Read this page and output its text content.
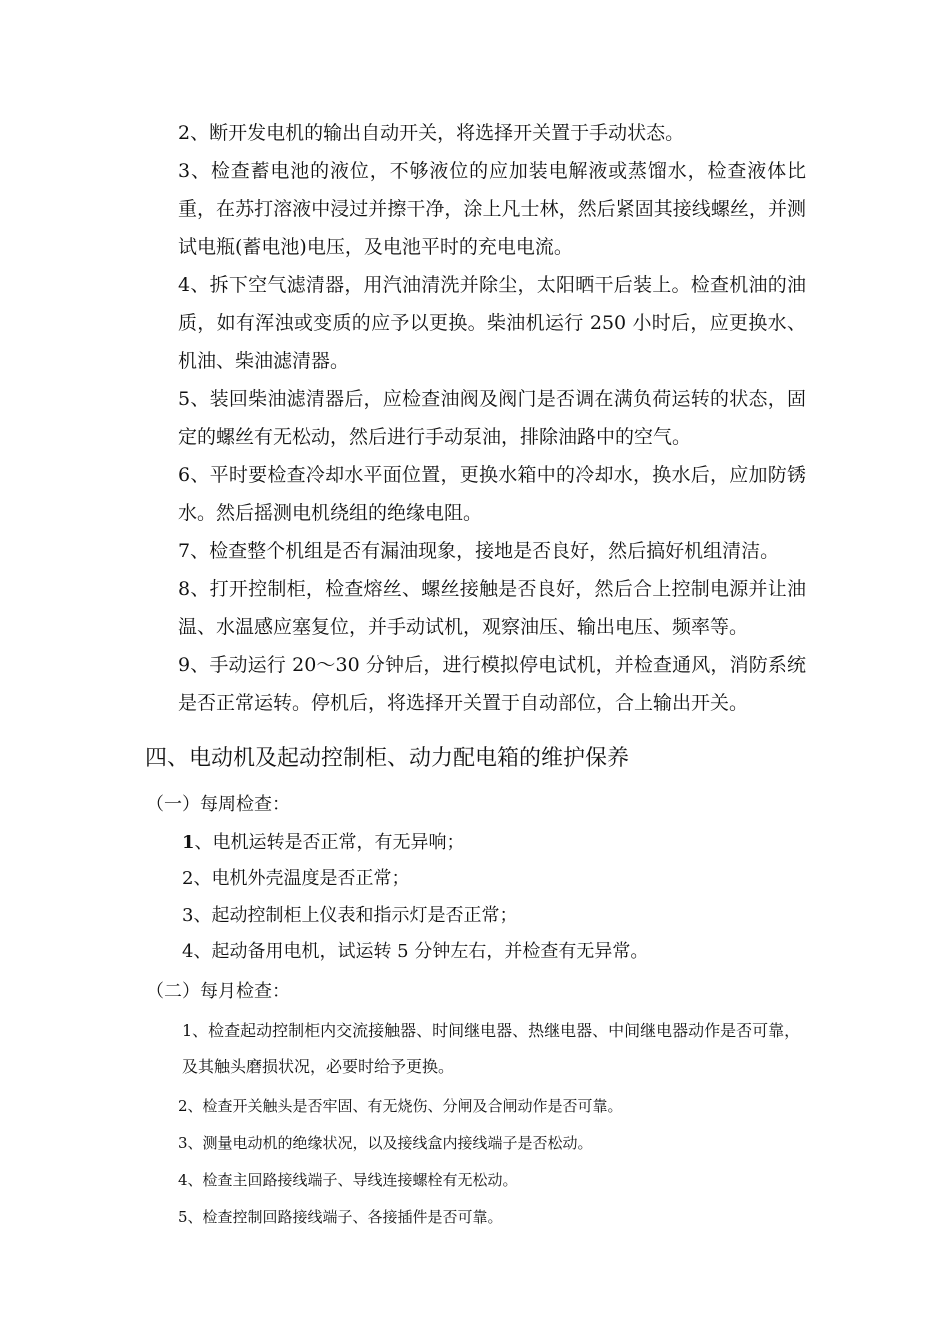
2、断开发电机的输出自动开关，将选择开关置于手动状态。

3、检查蓄电池的液位，不够液位的应加装电解液或蒸馏水，检查液体比重，在苏打溶液中浸过并擦干净，涂上凡士林，然后紧固其接线螺丝，并测试电瓶(蓄电池)电压，及电池平时的充电电流。

4、拆下空气滤清器，用汽油清洗并除尘，太阳晒干后装上。检查机油的油质，如有浑浊或变质的应予以更换。柴油机运行 250 小时后，应更换水、机油、柴油滤清器。

5、装回柴油滤清器后，应检查油阀及阀门是否调在满负荷运转的状态，固定的螺丝有无松动，然后进行手动泵油，排除油路中的空气。

6、平时要检查冷却水平面位置，更换水箱中的冷却水，换水后，应加防锈水。然后摇测电机绕组的绝缘电阻。

7、检查整个机组是否有漏油现象，接地是否良好，然后搞好机组清洁。

8、打开控制柜，检查熔丝、螺丝接触是否良好，然后合上控制电源并让油温、水温感应塞复位，并手动试机，观察油压、输出电压、频率等。

9、手动运行 20～30 分钟后，进行模拟停电试机，并检查通风，消防系统是否正常运转。停机后，将选择开关置于自动部位，合上输出开关。

四、电动机及起动控制柜、动力配电箱的维护保养

（一）每周检查：

1、电机运转是否正常，有无异响；

2、电机外壳温度是否正常；

3、起动控制柜上仪表和指示灯是否正常；

4、起动备用电机，试运转 5 分钟左右，并检查有无异常。

（二）每月检查：

1、检查起动控制柜内交流接触器、时间继电器、热继电器、中间继电器动作是否可靠，及其触头磨损状况，必要时给予更换。

2、检查开关触头是否牢固、有无烧伤、分闸及合闸动作是否可靠。

3、测量电动机的绝缘状况，以及接线盒内接线端子是否松动。

4、检查主回路接线端子、导线连接螺栓有无松动。

5、检查控制回路接线端子、各接插件是否可靠。
